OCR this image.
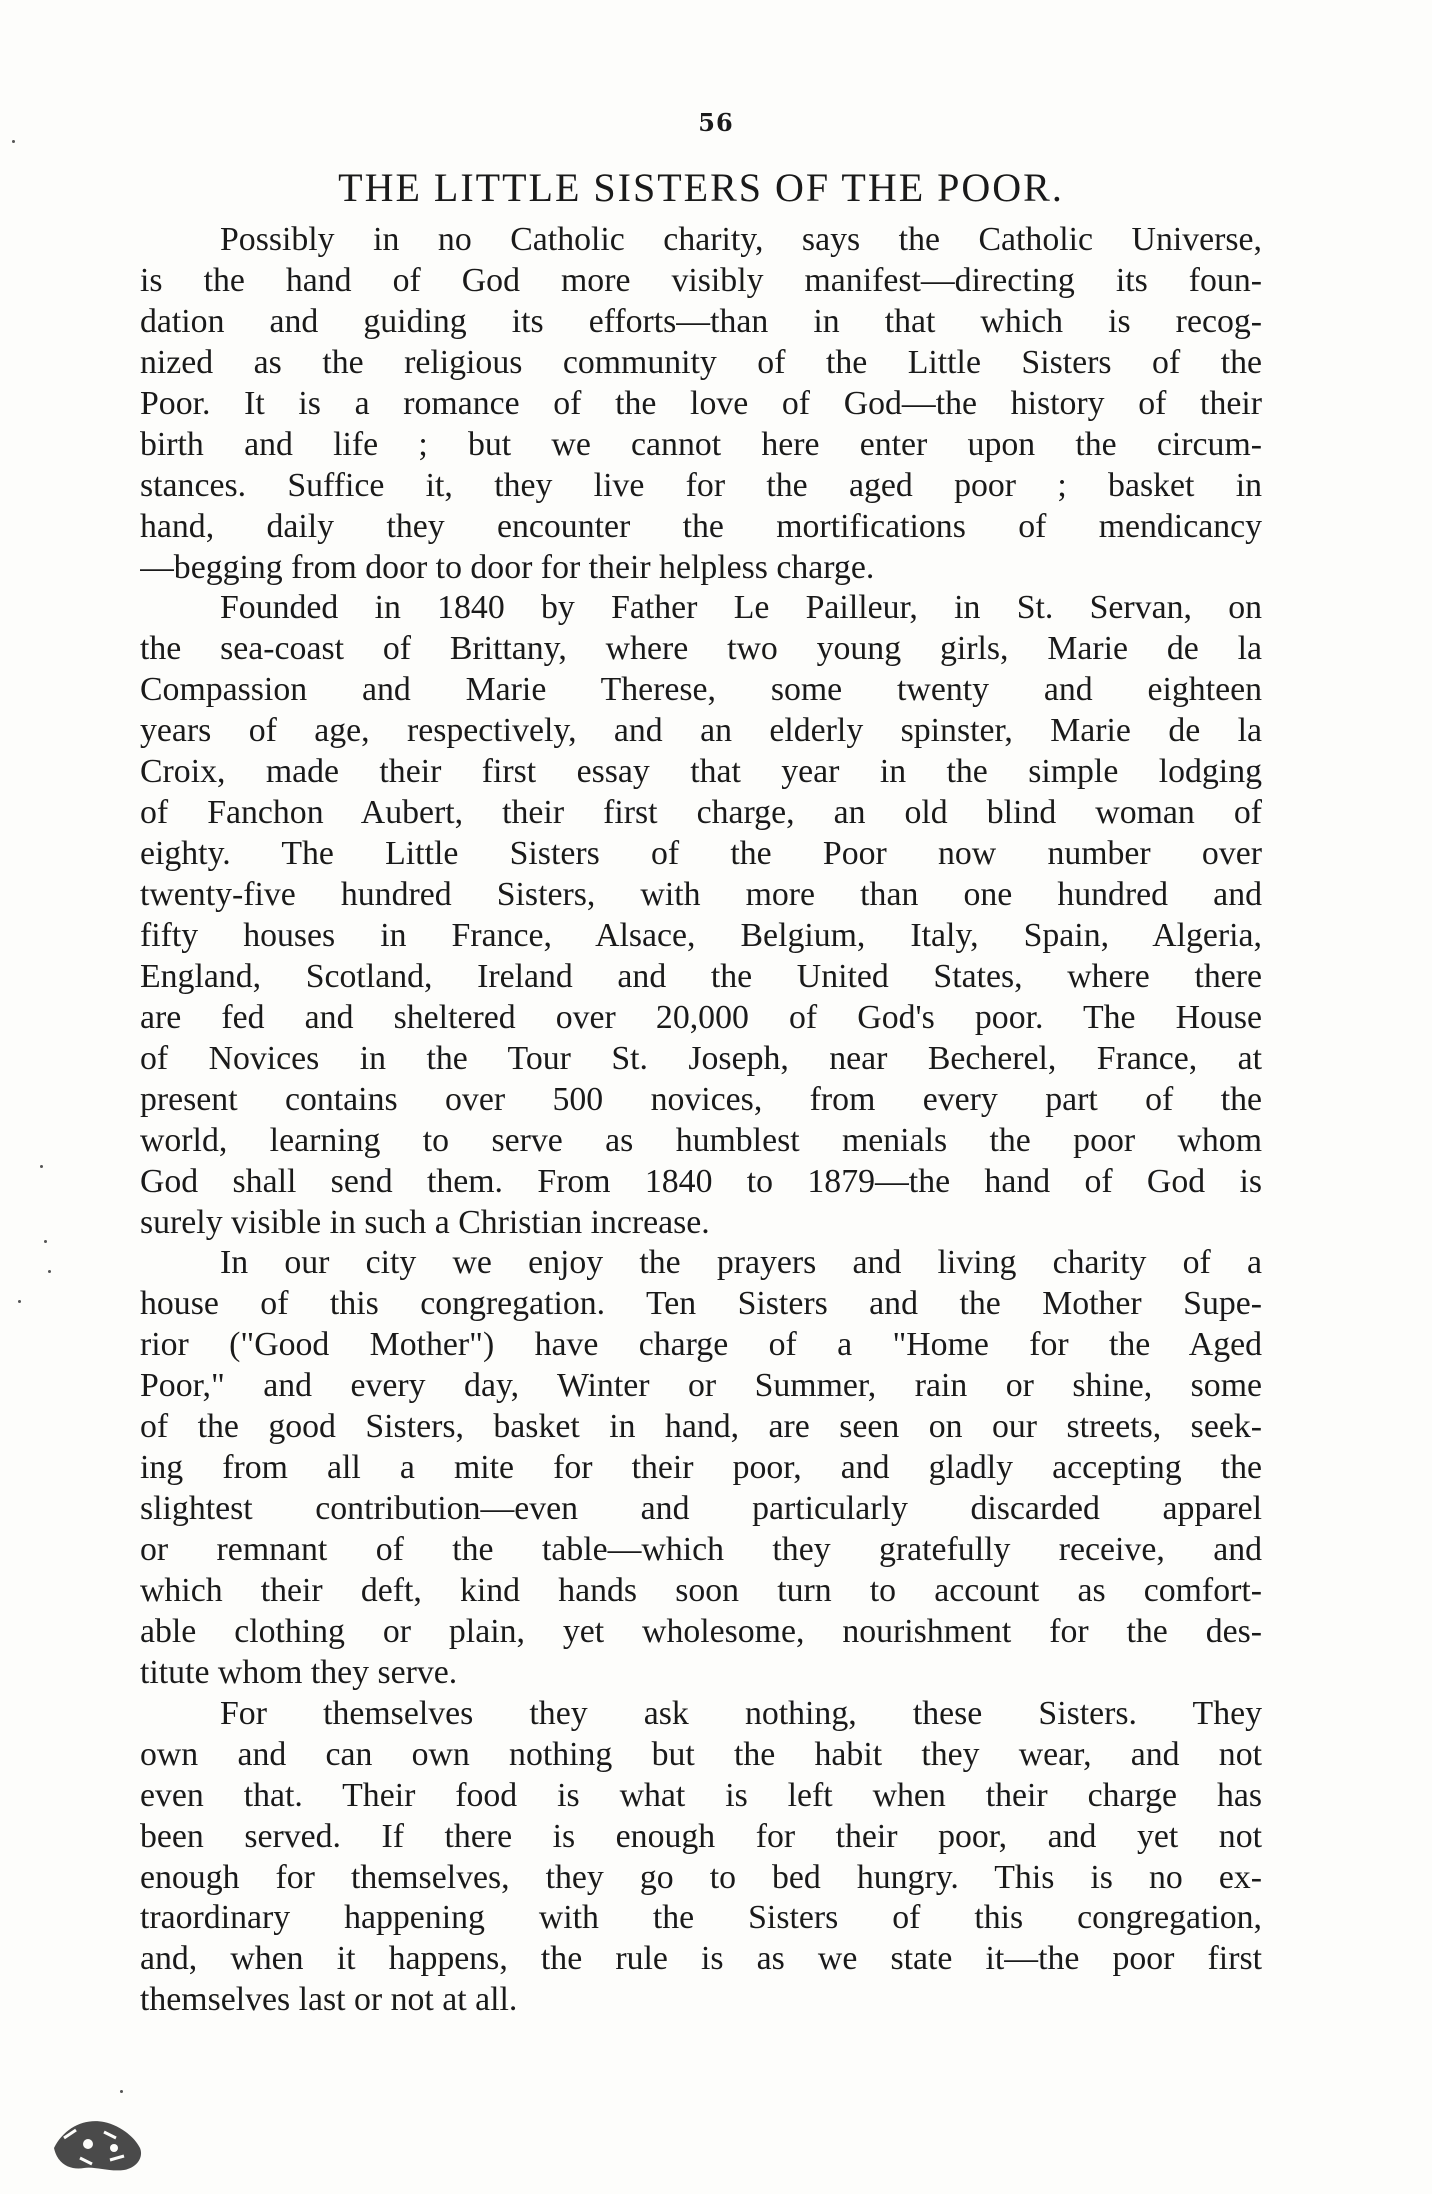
56
THE LITTLE SISTERS OF THE POOR.
Possibly in no Catholic charity, says the Catholic Universe,
is the hand of God more visibly manifest—directing its foun-
dation and guiding its efforts—than in that which is recog-
nized as the religious community of the Little Sisters of the
Poor. It is a romance of the love of God—the history of their
birth and life ; but we cannot here enter upon the circum-
stances. Suffice it, they live for the aged poor ; basket in
hand, daily they encounter the mortifications of mendicancy
—begging from door to door for their helpless charge.
Founded in 1840 by Father Le Pailleur, in St. Servan, on
the sea-coast of Brittany, where two young girls, Marie de la
Compassion and Marie Therese, some twenty and eighteen
years of age, respectively, and an elderly spinster, Marie de la
Croix, made their first essay that year in the simple lodging
of Fanchon Aubert, their first charge, an old blind woman of
eighty. The Little Sisters of the Poor now number over
twenty-five hundred Sisters, with more than one hundred and
fifty houses in France, Alsace, Belgium, Italy, Spain, Algeria,
England, Scotland, Ireland and the United States, where there
are fed and sheltered over 20,000 of God's poor. The House
of Novices in the Tour St. Joseph, near Becherel, France, at
present contains over 500 novices, from every part of the
world, learning to serve as humblest menials the poor whom
God shall send them. From 1840 to 1879—the hand of God is
surely visible in such a Christian increase.
In our city we enjoy the prayers and living charity of a
house of this congregation. Ten Sisters and the Mother Supe-
rior ("Good Mother") have charge of a "Home for the Aged
Poor," and every day, Winter or Summer, rain or shine, some
of the good Sisters, basket in hand, are seen on our streets, seek-
ing from all a mite for their poor, and gladly accepting the
slightest contribution—even and particularly discarded apparel
or remnant of the table—which they gratefully receive, and
which their deft, kind hands soon turn to account as comfort-
able clothing or plain, yet wholesome, nourishment for the des-
titute whom they serve.
For themselves they ask nothing, these Sisters. They
own and can own nothing but the habit they wear, and not
even that. Their food is what is left when their charge has
been served. If there is enough for their poor, and yet not
enough for themselves, they go to bed hungry. This is no ex-
traordinary happening with the Sisters of this congregation,
and, when it happens, the rule is as we state it—the poor first
themselves last or not at all.
